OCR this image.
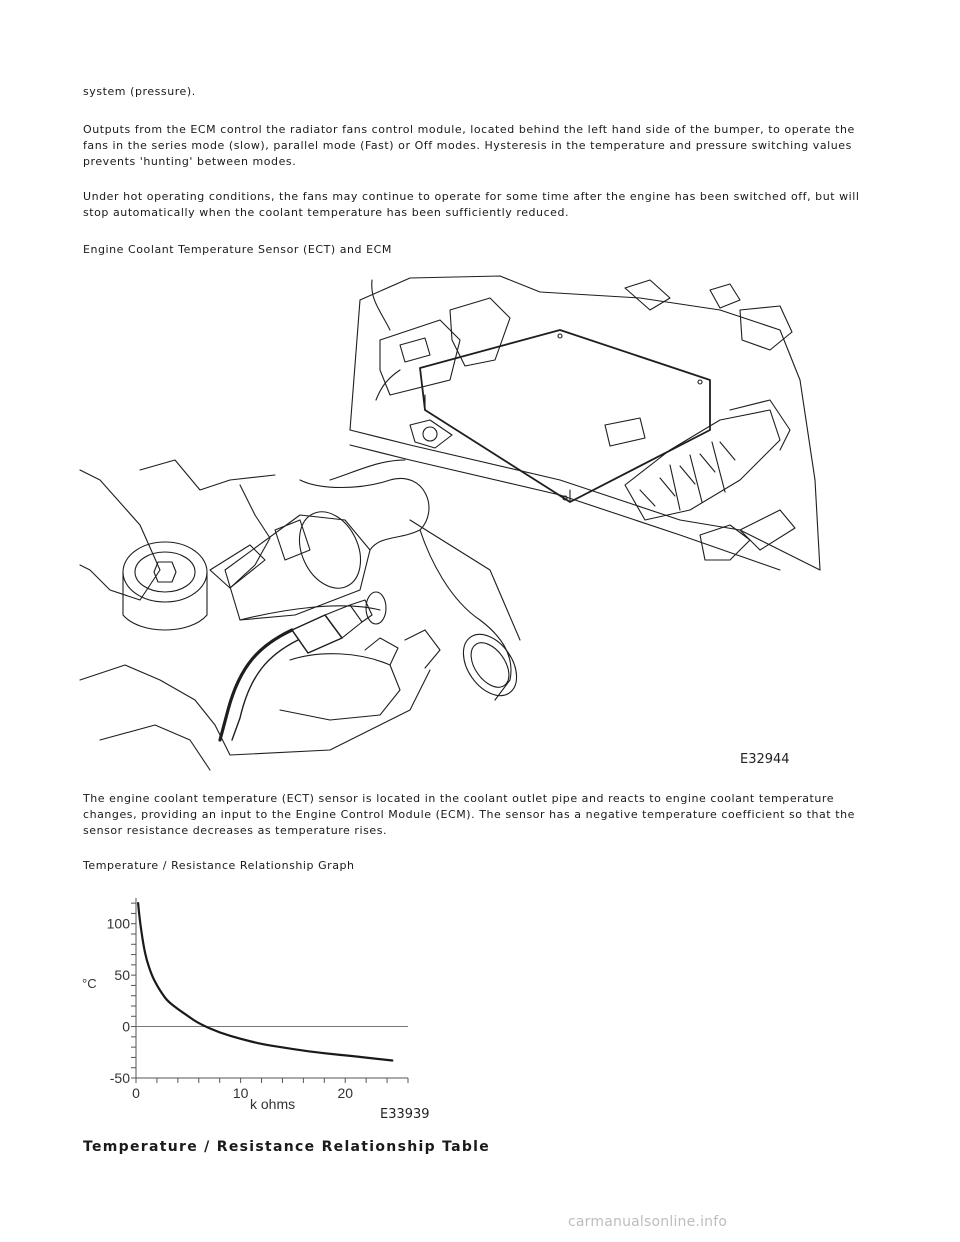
system (pressure).

Outputs from the ECM control the radiator fans control module, located behind the left hand side of the bumper, to operate the fans in the series mode (slow), parallel mode (Fast) or Off modes. Hysteresis in the temperature and pressure switching values prevents 'hunting' between modes.

Under hot operating conditions, the fans may continue to operate for some time after the engine has been switched off, but will stop automatically when the coolant temperature has been sufficiently reduced.

Engine Coolant Temperature Sensor (ECT) and ECM

E32944

The engine coolant temperature (ECT) sensor is located in the coolant outlet pipe and reacts to engine coolant temperature changes, providing an input to the Engine Control Module (ECM). The sensor has a negative temperature coefficient so that the sensor resistance decreases as temperature rises.

Temperature / Resistance Relationship Graph

0	10	20
100
50
0
-50
k ohms
°C
E33939

Temperature / Resistance Relationship Table

carmanualsonline.info
